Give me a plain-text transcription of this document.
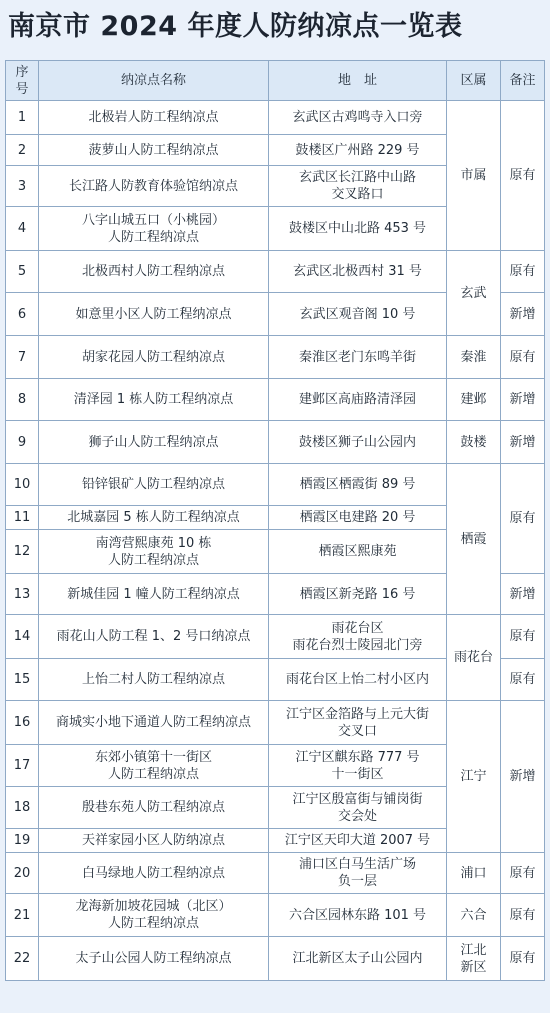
南京市 2024 年度人防纳凉点一览表
序
号	纳凉点名称	地　址	区属	备注
1	北极岩人防工程纳凉点	玄武区古鸡鸣寺入口旁	市属	原有
2	菠萝山人防工程纳凉点	鼓楼区广州路 229 号		
3	长江路人防教育体验馆纳凉点	玄武区长江路中山路
交叉路口		
4	八字山城五口（小桃园）
人防工程纳凉点	鼓楼区中山北路 453 号		
5	北极西村人防工程纳凉点	玄武区北极西村 31 号	玄武	原有
6	如意里小区人防工程纳凉点	玄武区观音阁 10 号		新增
7	胡家花园人防工程纳凉点	秦淮区老门东鸣羊街	秦淮	原有
8	清泽园 1 栋人防工程纳凉点	建邺区高庙路清泽园	建邺	新增
9	狮子山人防工程纳凉点	鼓楼区狮子山公园内	鼓楼	新增
10	铅锌银矿人防工程纳凉点	栖霞区栖霞街 89 号	栖霞	原有
11	北城嘉园 5 栋人防工程纳凉点	栖霞区电建路 20 号		
12	南湾营熙康苑 10 栋
人防工程纳凉点	栖霞区熙康苑		
13	新城佳园 1 幢人防工程纳凉点	栖霞区新尧路 16 号		新增
14	雨花山人防工程 1、2 号口纳凉点	雨花台区
雨花台烈士陵园北门旁	雨花台	原有
15	上怡二村人防工程纳凉点	雨花台区上怡二村小区内		原有
16	商城实小地下通道人防工程纳凉点	江宁区金箔路与上元大街
交叉口	江宁	新增
17	东郊小镇第十一街区
人防工程纳凉点	江宁区麒东路 777 号
十一街区		
18	殷巷东苑人防工程纳凉点	江宁区殷富街与铺岗街
交会处		
19	天祥家园小区人防纳凉点	江宁区天印大道 2007 号		
20	白马绿地人防工程纳凉点	浦口区白马生活广场
负一层	浦口	原有
21	龙海新加坡花园城（北区）
人防工程纳凉点	六合区园林东路 101 号	六合	原有
22	太子山公园人防工程纳凉点	江北新区太子山公园内	江北
新区	原有
